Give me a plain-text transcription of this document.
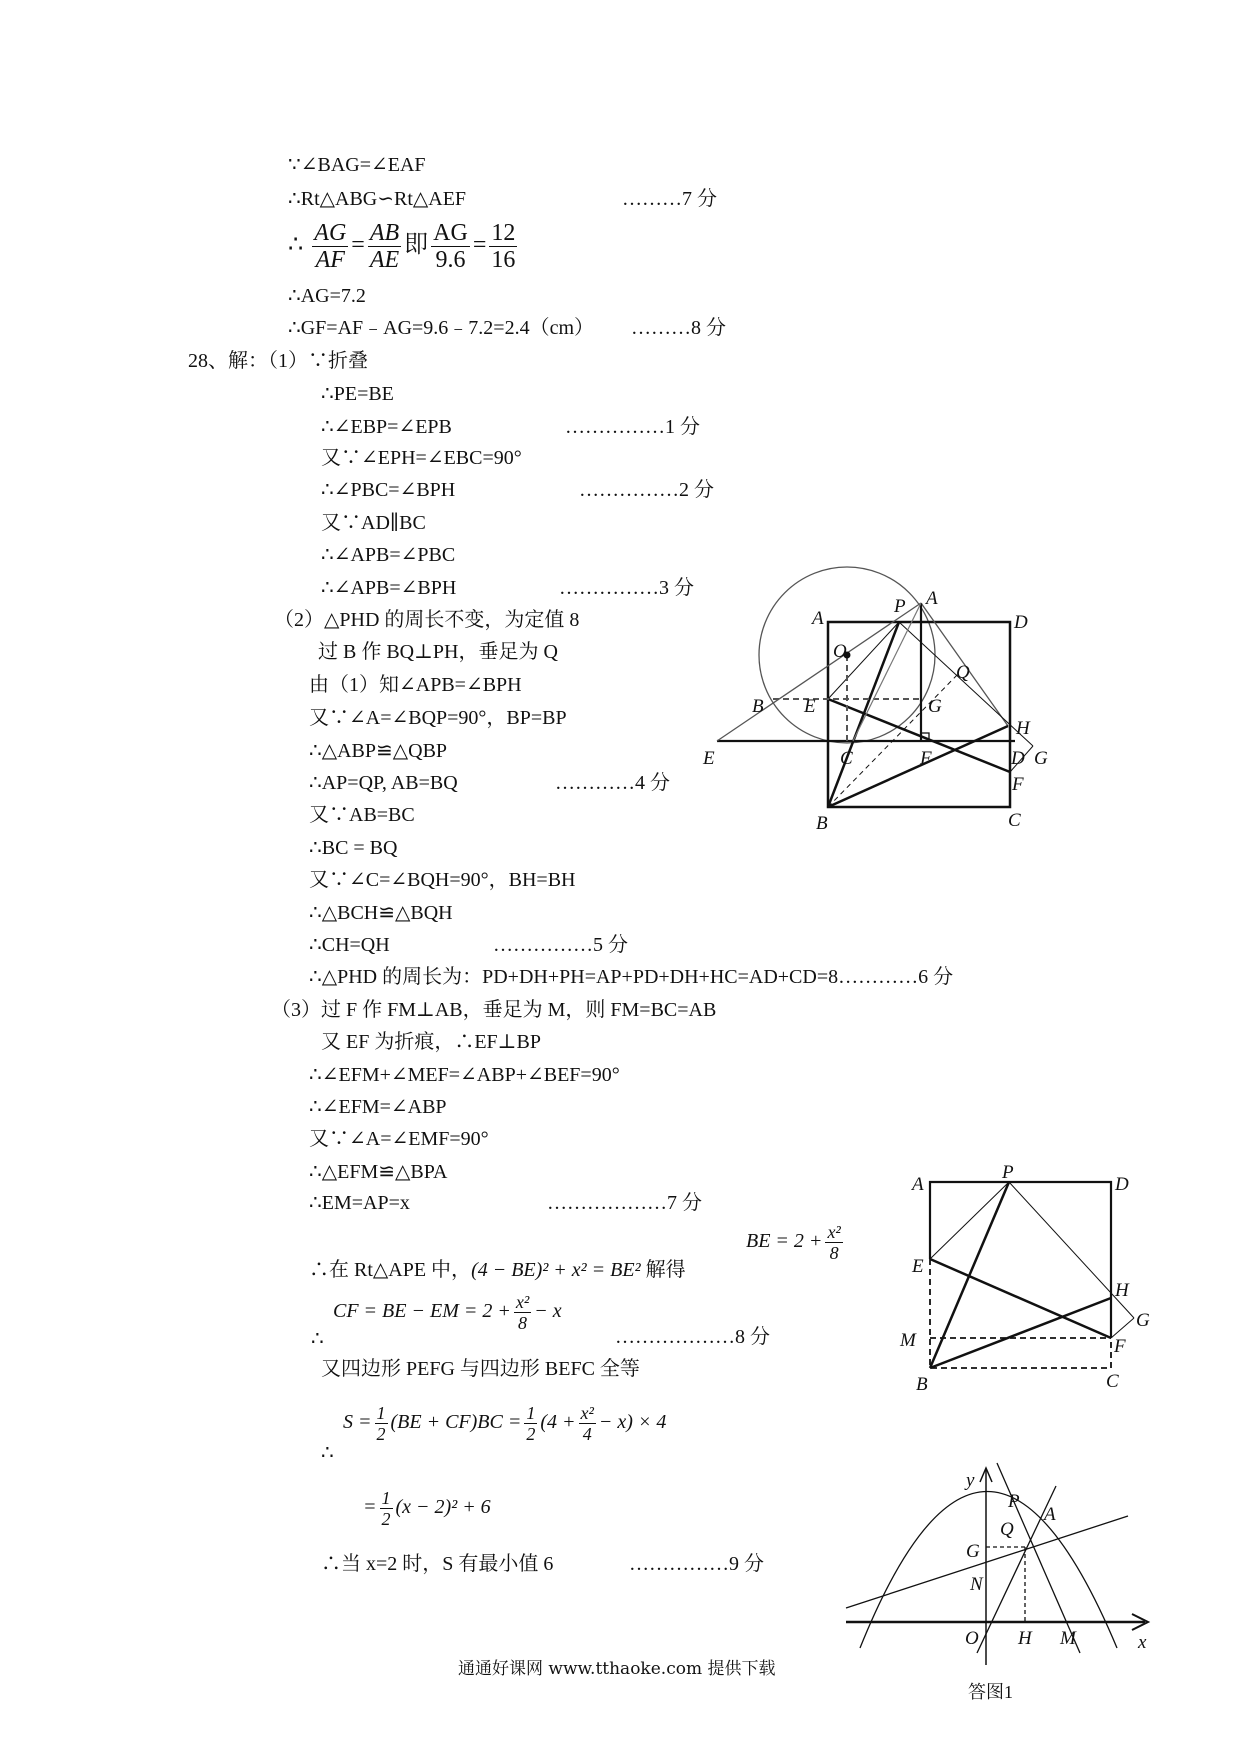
∵∠BAG=∠EAF
∴Rt△ABG∽Rt△AEF	………7 分
∴ $\frac{AG}{AF} = \frac{AB}{AE}$ 即 $\frac{AG}{9.6} = \frac{12}{16}$
∴AG=7.2
∴GF=AF﹣AG=9.6﹣7.2=2.4（cm） ………8 分
28、解：（1）∵折叠
∴PE=BE
∴∠EBP=∠EPB	……………1 分
又∵∠EPH=∠EBC=90°
∴∠PBC=∠BPH	……………2 分
又∵AD∥BC
∴∠APB=∠PBC
∴∠APB=∠BPH	……………3 分
（2）△PHD 的周长不变，为定值 8
过 B 作 BQ⊥PH，垂足为 Q
由（1）知∠APB=∠BPH
又∵∠A=∠BQP=90°，BP=BP
∴△ABP≌△QBP
∴AP=QP, AB=BQ	…………4 分
又∵AB=BC
∴BC = BQ
又∵∠C=∠BQH=90°，BH=BH
∴△BCH≌△BQH
∴CH=QH	……………5 分
∴△PHD 的周长为：PD+DH+PH=AP+PD+DH+HC=AD+CD=8…………6 分
（3）过 F 作 FM⊥AB，垂足为 M，则 FM=BC=AB
又 EF 为折痕，∴EF⊥BP
∴∠EFM+∠MEF=∠ABP+∠BEF=90°
∴∠EFM=∠ABP
又∵∠A=∠EMF=90°
∴△EFM≌△BPA
∴EM=AP=x	………………7 分
∴在 Rt△APE 中，(4 − BE)² + x² = BE² 解得
BE = $2 + \frac{\text{x²}}{8}$
∴
CF = BE − EM = $2 + \frac{\text{x²}}{8} - x$
………………8 分
又四边形 PEFG 与四边形 BEFC 全等
∴
$S = \frac{1}{2} (BE + CF)BC = \frac{1}{2} (4 + \frac{\text{x²}}{4} - x) \times 4$
= $\frac{1}{2} (x - 2)^2 + 6$
∴当 x=2 时，S 有最小值 6	……………9 分
A
P A
D
O
Q
B E	G
H
E	C	F	D G
F
B	C
A
P
D
E
H
G
M	F
B	C
y
P
Q
A
G
N
O H M	x
答图1
通通好课网 www.tthaoke.com 提供下载
